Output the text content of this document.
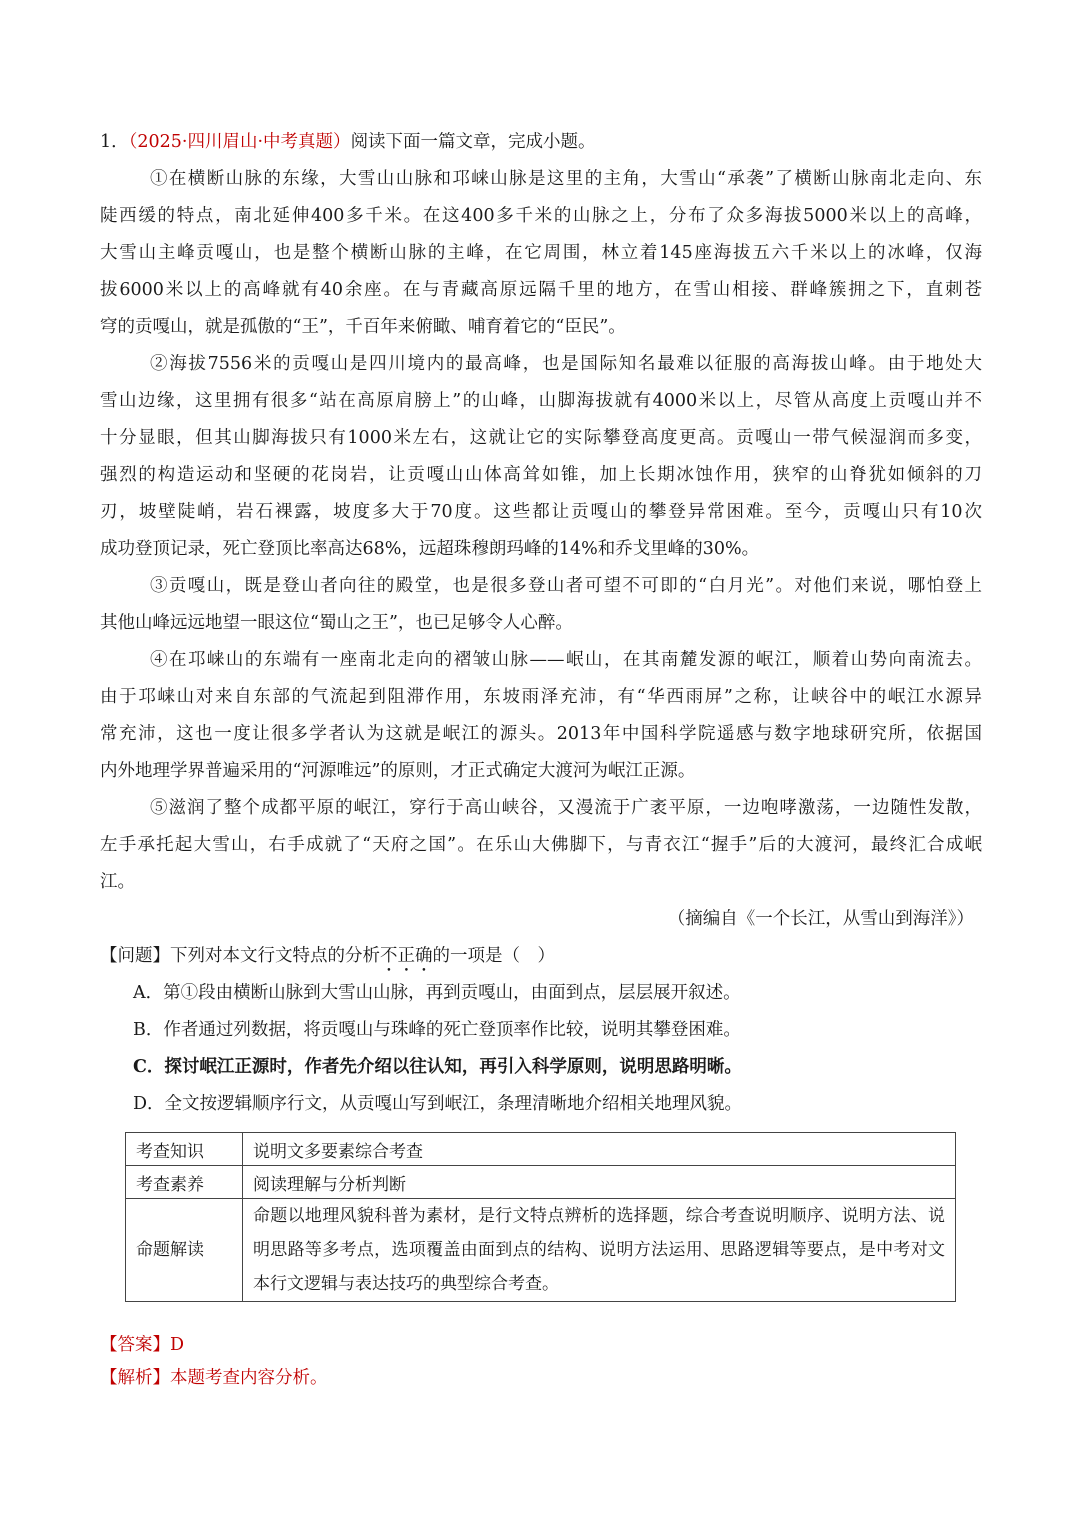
1．（2025·四川眉山·中考真题）阅读下面一篇文章，完成小题。
①在横断山脉的东缘，大雪山山脉和邛崃山脉是这里的主角，大雪山“承袭”了横断山脉南北走向、东
陡西缓的特点，南北延伸400多千米。在这400多千米的山脉之上，分布了众多海拔5000米以上的高峰，
大雪山主峰贡嘎山，也是整个横断山脉的主峰，在它周围，林立着145座海拔五六千米以上的冰峰，仅海
拔6000米以上的高峰就有40余座。在与青藏高原远隔千里的地方，在雪山相接、群峰簇拥之下，直刺苍
穹的贡嘎山，就是孤傲的“王”，千百年来俯瞰、哺育着它的“臣民”。
②海拔7556米的贡嘎山是四川境内的最高峰，也是国际知名最难以征服的高海拔山峰。由于地处大
雪山边缘，这里拥有很多“站在高原肩膀上”的山峰，山脚海拔就有4000米以上，尽管从高度上贡嘎山并不
十分显眼，但其山脚海拔只有1000米左右，这就让它的实际攀登高度更高。贡嘎山一带气候湿润而多变，
强烈的构造运动和坚硬的花岗岩，让贡嘎山山体高耸如锥，加上长期冰蚀作用，狭窄的山脊犹如倾斜的刀
刃，坡壁陡峭，岩石裸露，坡度多大于70度。这些都让贡嘎山的攀登异常困难。至今，贡嘎山只有10次
成功登顶记录，死亡登顶比率高达68%，远超珠穆朗玛峰的14%和乔戈里峰的30%。
③贡嘎山，既是登山者向往的殿堂，也是很多登山者可望不可即的“白月光”。对他们来说，哪怕登上
其他山峰远远地望一眼这位“蜀山之王”，也已足够令人心醉。
④在邛崃山的东端有一座南北走向的褶皱山脉——岷山，在其南麓发源的岷江，顺着山势向南流去。
由于邛崃山对来自东部的气流起到阻滞作用，东坡雨泽充沛，有“华西雨屏”之称，让峡谷中的岷江水源异
常充沛，这也一度让很多学者认为这就是岷江的源头。2013年中国科学院遥感与数字地球研究所，依据国
内外地理学界普遍采用的“河源唯远”的原则，才正式确定大渡河为岷江正源。
⑤滋润了整个成都平原的岷江，穿行于高山峡谷，又漫流于广袤平原，一边咆哮激荡，一边随性发散，
左手承托起大雪山，右手成就了“天府之国”。在乐山大佛脚下，与青衣江“握手”后的大渡河，最终汇合成岷
江。
（摘编自《一个长江，从雪山到海洋》）
【问题】下列对本文行文特点的分析不正确的一项是（　）
A．第①段由横断山脉到大雪山山脉，再到贡嘎山，由面到点，层层展开叙述。
B．作者通过列数据，将贡嘎山与珠峰的死亡登顶率作比较，说明其攀登困难。
C．探讨岷江正源时，作者先介绍以往认知，再引入科学原则，说明思路明晰。
D．全文按逻辑顺序行文，从贡嘎山写到岷江，条理清晰地介绍相关地理风貌。
考查知识	说明文多要素综合考查
考查素养	阅读理解与分析判断
命题解读	命题以地理风貌科普为素材，是行文特点辨析的选择题，综合考查说明顺序、说明方法、说明思路等多考点，选项覆盖由面到点的结构、说明方法运用、思路逻辑等要点，是中考对文本行文逻辑与表达技巧的典型综合考查。
【答案】D
【解析】本题考查内容分析。
